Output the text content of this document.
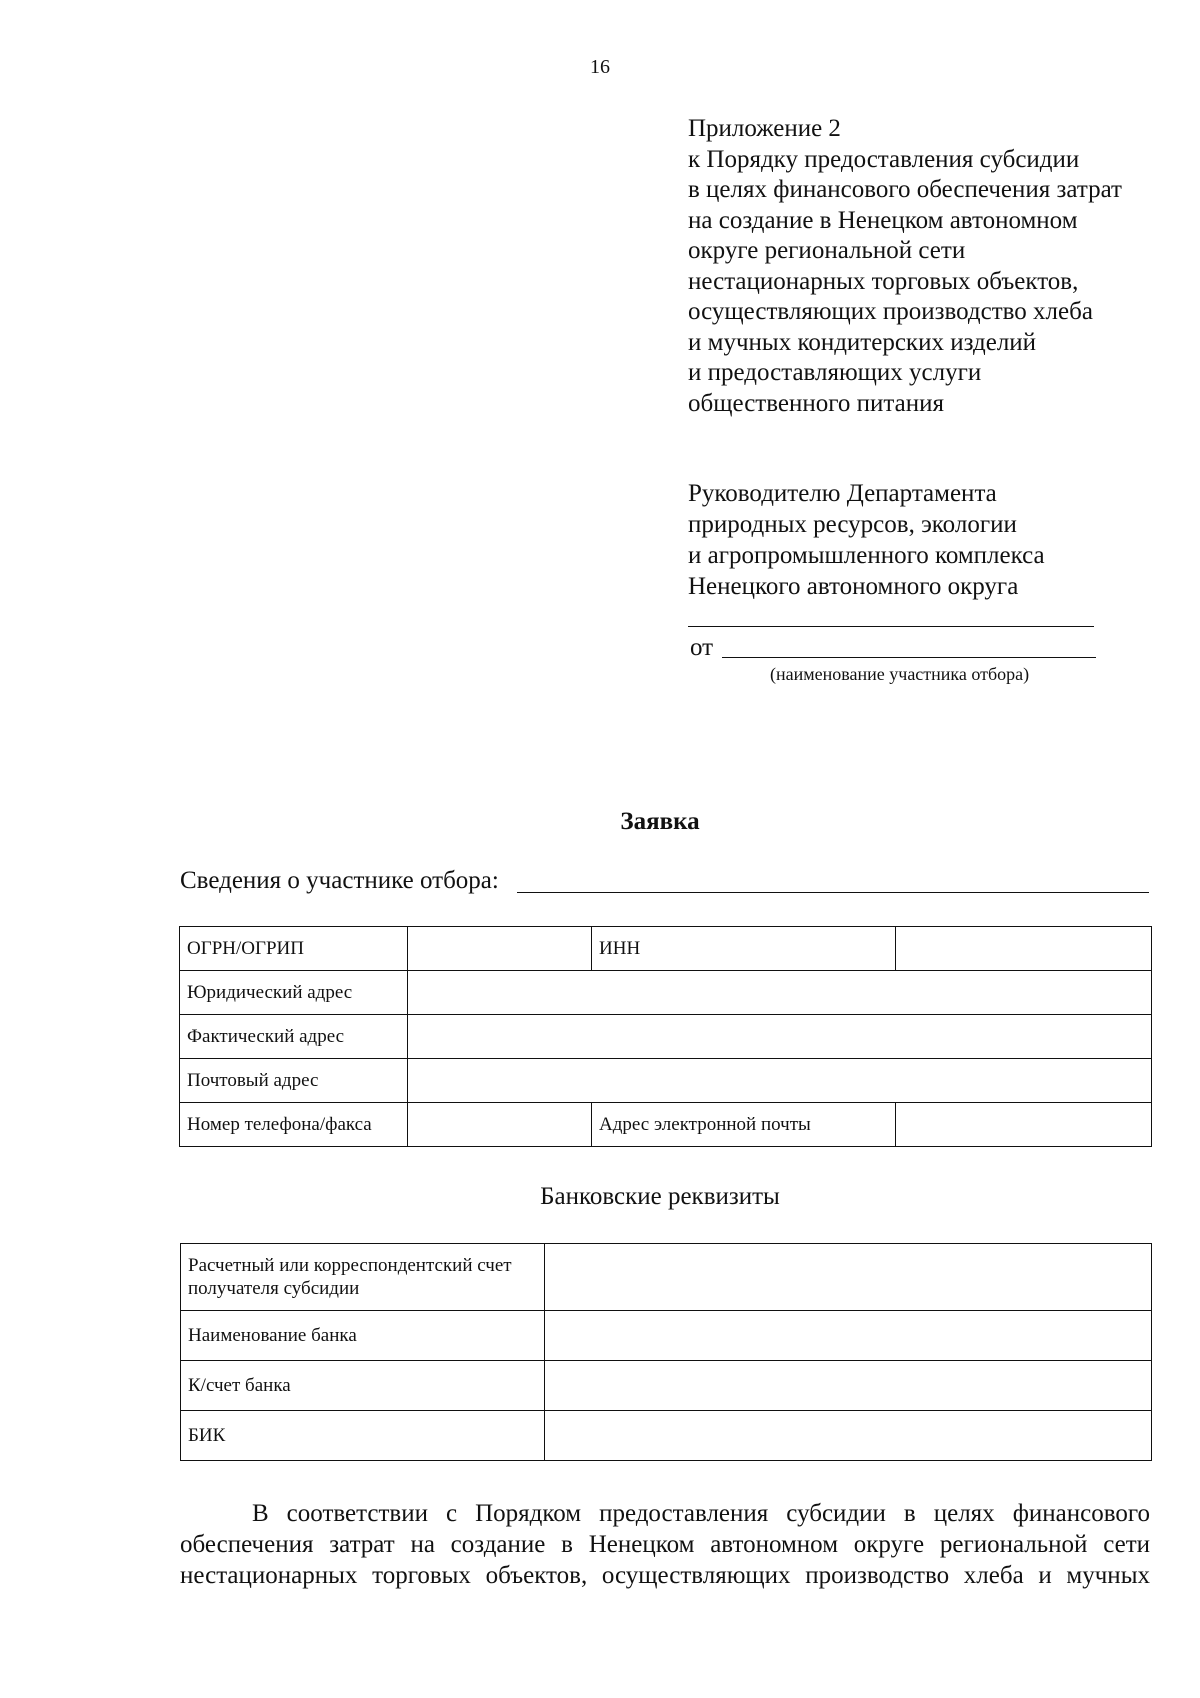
16
Приложение 2
к Порядку предоставления субсидии
в целях финансового обеспечения затрат
на создание в Ненецком автономном
округе региональной сети
нестационарных торговых объектов,
осуществляющих производство хлеба
и мучных кондитерских изделий
и предоставляющих услуги
общественного питания
Руководителю Департамента
природных ресурсов, экологии
и агропромышленного комплекса
Ненецкого автономного округа
от
(наименование участника отбора)
Заявка
Сведения о участнике отбора:
ОГРН/ОГРИП		ИНН	
Юридический адрес			
Фактический адрес			
Почтовый адрес			
Номер телефона/факса		Адрес электронной почты	
Банковские реквизиты
Расчетный или корреспондентский счет получателя субсидии	
Наименование банка	
К/счет банка	
БИК	
В соответствии с Порядком предоставления субсидии в целях финансового
обеспечения затрат на создание в Ненецком автономном округе региональной сети
нестационарных торговых объектов, осуществляющих производство хлеба и мучных
